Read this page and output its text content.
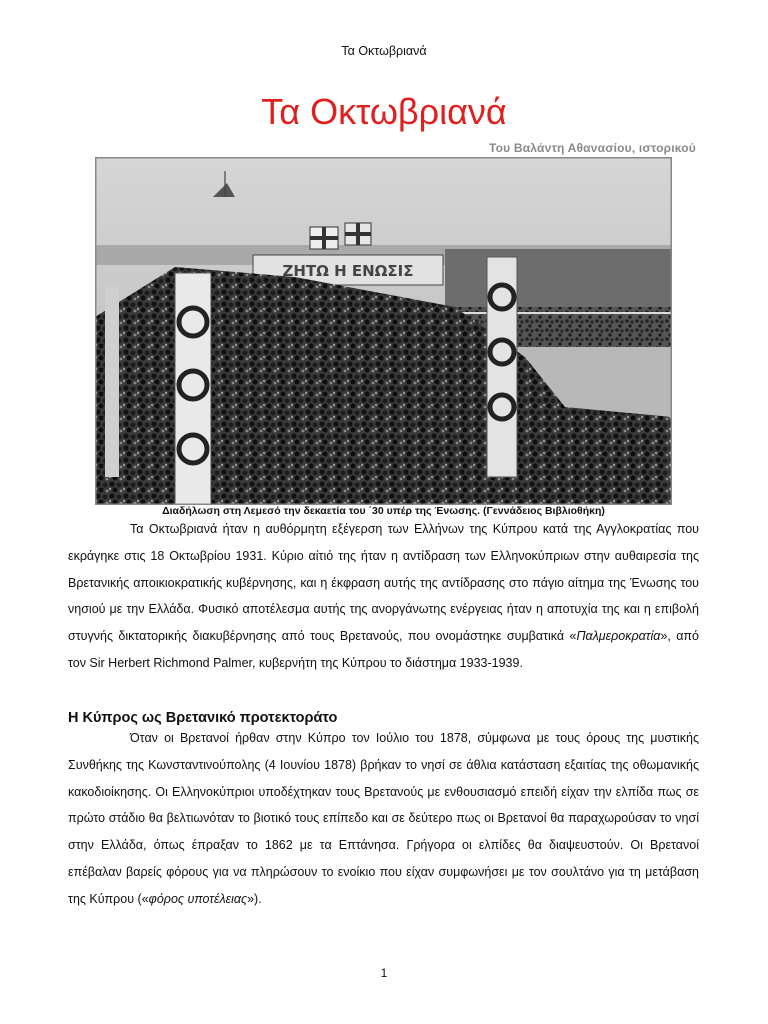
Τα Οκτωβριανά
Τα Οκτωβριανά
Του Βαλάντη Αθανασίου, ιστορικού
ΖΗΤΩ Η ΕΝΩΣΙΣ
Διαδήλωση στη Λεμεσό την δεκαετία του ΄30 υπέρ της Ένωσης. (Γεννάδειος Βιβλιοθήκη)
Τα Οκτωβριανά ήταν η αυθόρμητη εξέγερση των Ελλήνων της Κύπρου κατά της Αγγλοκρατίας που εκράγηκε στις 18 Οκτωβρίου 1931. Κύριο αίτιό της ήταν η αντίδραση των Ελληνοκύπριων στην αυθαιρεσία της Βρετανικής αποικιοκρατικής κυβέρνησης, και η έκφραση αυτής της αντίδρασης στο πάγιο αίτημα της Ένωσης του νησιού με την Ελλάδα. Φυσικό αποτέλεσμα αυτής της ανοργάνωτης ενέργειας ήταν η αποτυχία της και η επιβολή στυγνής δικτατορικής διακυβέρνησης από τους Βρετανούς, που ονομάστηκε συμβατικά «Παλμεροκρατία», από τον Sir Herbert Richmond Palmer, κυβερνήτη της Κύπρου το διάστημα 1933-1939.
Η Κύπρος ως Βρετανικό προτεκτοράτο
Όταν οι Βρετανοί ήρθαν στην Κύπρο τον Ιούλιο του 1878, σύμφωνα με τους όρους της μυστικής Συνθήκης της Κωνσταντινούπολης (4 Ιουνίου 1878) βρήκαν το νησί σε άθλια κατάσταση εξαιτίας της οθωμανικής κακοδιοίκησης. Οι Ελληνοκύπριοι υποδέχτηκαν τους Βρετανούς με ενθουσιασμό επειδή είχαν την ελπίδα πως σε πρώτο στάδιο θα βελτιωνόταν το βιοτικό τους επίπεδο και σε δεύτερο πως οι Βρετανοί θα παραχωρούσαν το νησί στην Ελλάδα, όπως έπραξαν το 1862 με τα Επτάνησα. Γρήγορα οι ελπίδες θα διαψευστούν. Οι Βρετανοί επέβαλαν βαρείς φόρους για να πληρώσουν το ενοίκιο που είχαν συμφωνήσει με τον σουλτάνο για τη μετάβαση της Κύπρου («φόρος υποτέλειας»).
1
